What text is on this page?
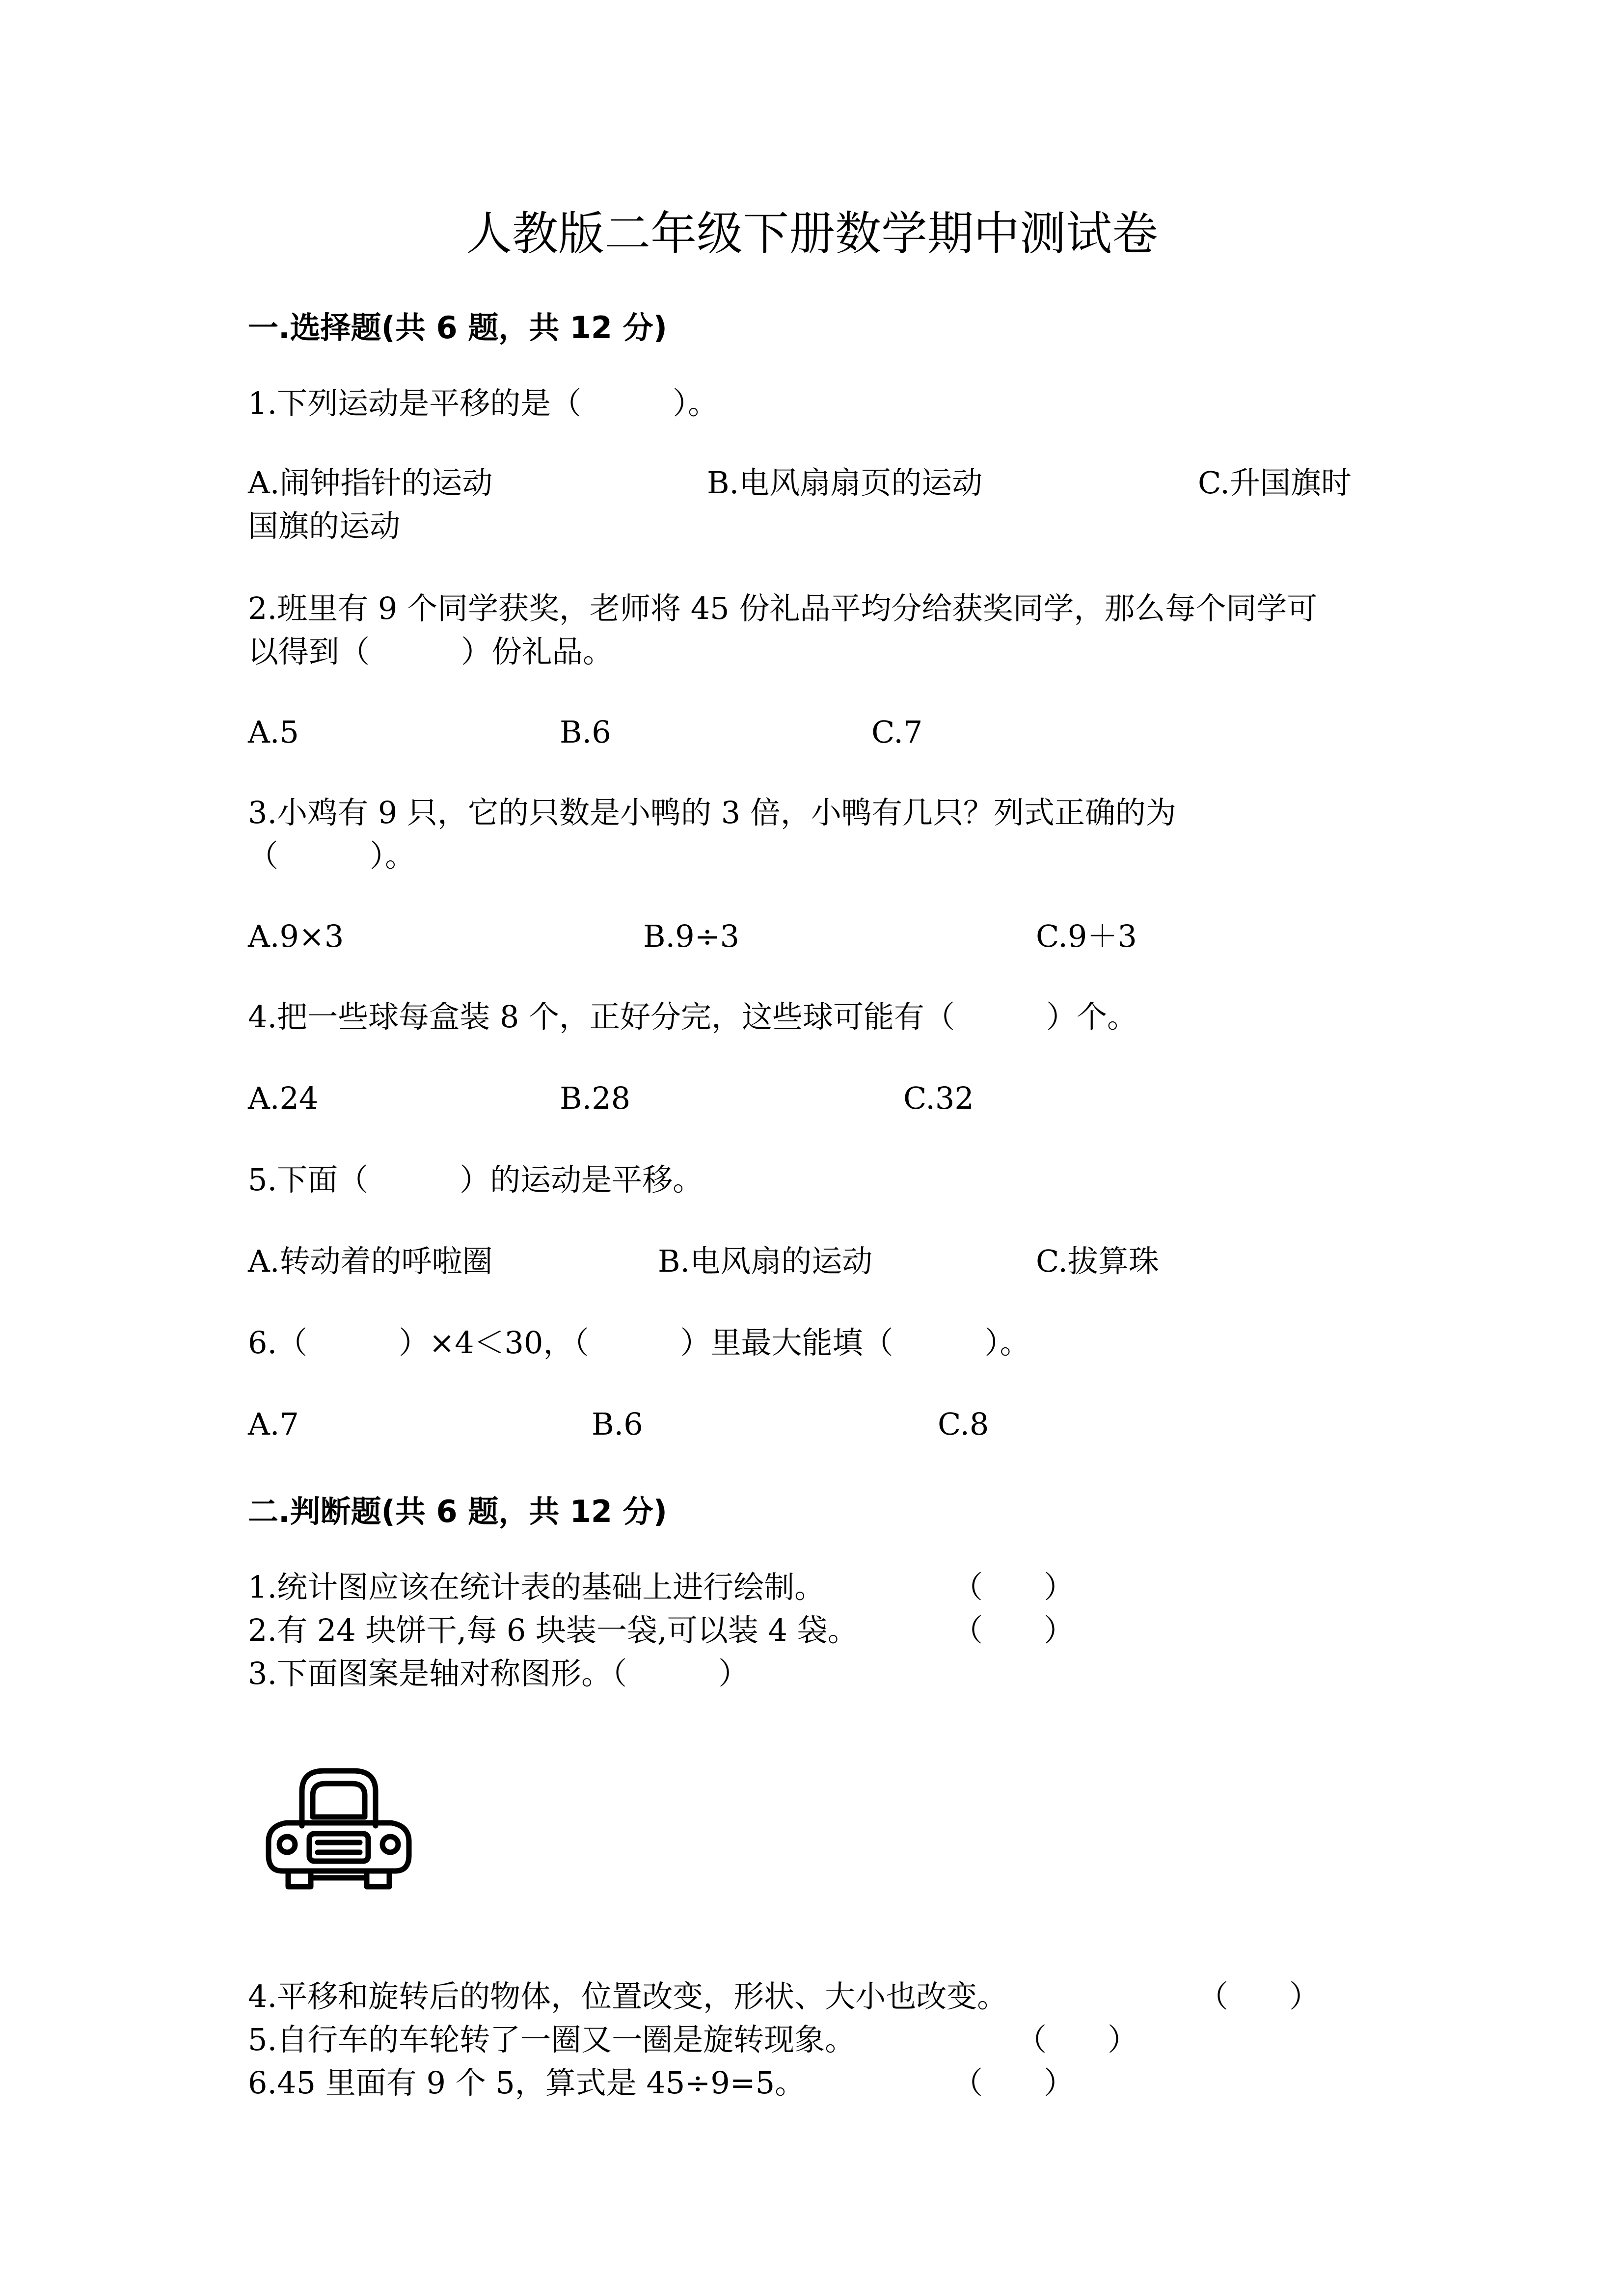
人教版二年级下册数学期中测试卷
一.选择题(共 6 题，共 12 分)
1.下列运动是平移的是（　　　）。
A.闹钟指针的运动	B.电风扇扇页的运动	C.升国旗时
国旗的运动
2.班里有 9 个同学获奖，老师将 45 份礼品平均分给获奖同学，那么每个同学可
以得到（　　　）份礼品。
A.5	B.6	C.7
3.小鸡有 9 只，它的只数是小鸭的 3 倍，小鸭有几只？列式正确的为
（　　　）。
A.9×3	B.9÷3	C.9＋3
4.把一些球每盒装 8 个，正好分完，这些球可能有（　　　）个。
A.24	B.28	C.32
5.下面（　　　）的运动是平移。
A.转动着的呼啦圈	B.电风扇的运动	C.拔算珠
6.（　　　）×4＜30，（　　　）里最大能填（　　　）。
A.7	B.6	C.8
二.判断题(共 6 题，共 12 分)
1.统计图应该在统计表的基础上进行绘制。	（　　）
2.有 24 块饼干,每 6 块装一袋,可以装 4 袋。	（　　）
3.下面图案是轴对称图形。（　　　）
4.平移和旋转后的物体，位置改变，形状、大小也改变。	（　　）
5.自行车的车轮转了一圈又一圈是旋转现象。	（　　）
6.45 里面有 9 个 5，算式是 45÷9=5。	（　　）
